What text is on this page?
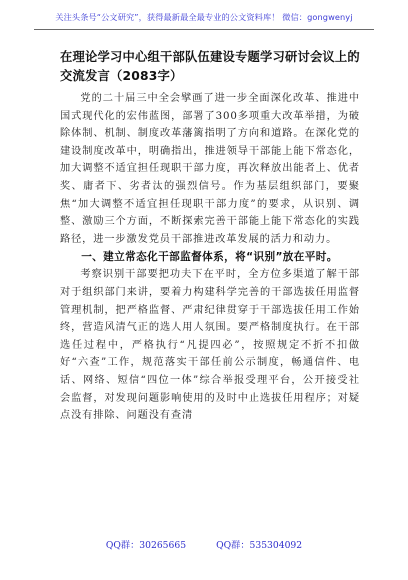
关注头条号“公文研究”，获得最新最全最专业的公文资料库！ 微信：gongwenyj
在理论学习中心组干部队伍建设专题学习研讨会议上的交流发言（2083字）

党的二十届三中全会擘画了进一步全面深化改革、推进中国式现代化的宏伟蓝图，部署了300多项重大改革举措，为破除体制、机制、制度改革藩篱指明了方向和道路。在深化党的建设制度改革中，明确指出，推进领导干部能上能下常态化，加大调整不适宜担任现职干部力度，再次释放出能者上、优者奖、庸者下、劣者汰的强烈信号。作为基层组织部门，要聚焦“加大调整不适宜担任现职干部力度”的要求，从识别、调整、激励三个方面，不断探索完善干部能上能下常态化的实践路径，进一步激发党员干部推进改革发展的活力和动力。

一、建立常态化干部监督体系，将“识别”放在平时。

考察识别干部要把功夫下在平时，全方位多渠道了解干部对于组织部门来讲，要着力构建科学完善的干部选拔任用监督管理机制，把严格监督、严肃纪律贯穿于干部选拔任用工作始终，营造风清气正的选人用人氛围。要严格制度执行。在干部选任过程中，严格执行“凡提四必”，按照规定不折不扣做好“六查”工作，规范落实干部任前公示制度，畅通信件、电话、网络、短信“四位一体”综合举报受理平台，公开接受社会监督，对发现问题影响使用的及时中止选拔任用程序；对疑点没有排除、问题没有查清

QQ群：30265665	QQ群：535304092
